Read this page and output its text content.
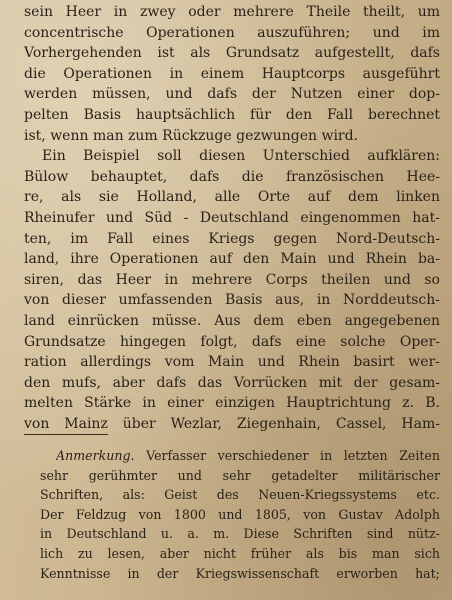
sein Heer in zwey oder mehrere Theile theilt, um
concentrische Operationen auszuführen; und im
Vorhergehenden ist als Grundsatz aufgestellt, dafs
die Operationen in einem Hauptcorps ausgeführt
werden müssen, und dafs der Nutzen einer dop-
pelten Basis hauptsächlich für den Fall berechnet
ist, wenn man zum Rückzuge gezwungen wird.
Ein Beispiel soll diesen Unterschied aufklären:
Bülow behauptet, dafs die französischen Hee-
re, als sie Holland, alle Orte auf dem linken
Rheinufer und Süd - Deutschland eingenommen hat-
ten, im Fall eines Kriegs gegen Nord-Deutsch-
land, ihre Operationen auf den Main und Rhein ba-
siren, das Heer in mehrere Corps theilen und so
von dieser umfassenden Basis aus, in Norddeutsch-
land einrücken müsse. Aus dem eben angegebenen
Grundsatze hingegen folgt, dafs eine solche Oper-
ration allerdings vom Main und Rhein basirt wer-
den mufs, aber dafs das Vorrücken mit der gesam-
melten Stärke in einer einzigen Hauptrichtung z. B.
von Mainz über Wezlar, Ziegenhain, Cassel, Ham-
Anmerkung. Verfasser verschiedener in letzten Zeiten
sehr gerühmter und sehr getadelter militärischer
Schriften, als: Geist des Neuen-Kriegssystems etc.
Der Feldzug von 1800 und 1805, von Gustav Adolph
in Deutschland u. a. m. Diese Schriften sind nütz-
lich zu lesen, aber nicht früher als bis man sich
Kenntnisse in der Kriegswissenschaft erworben hat;
